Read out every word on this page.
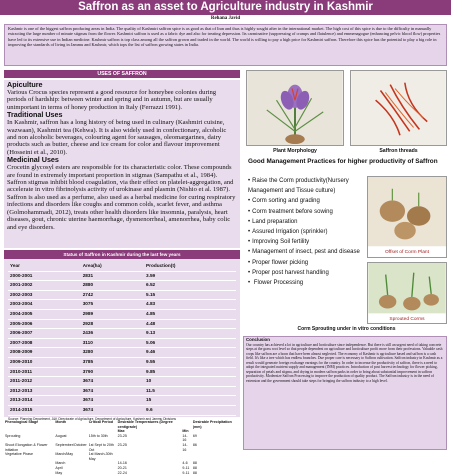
Saffron as an asset to Agriculture industry in Kashmir
Rehana Javid
Kashmir is one of the biggest saffron producing areas in India. The quality of Kashmiri saffron spice is as good as that of Iran and thus is highly sought after in the international market. The high cost of this spice is due to the difficulty in manually extracting the large number of minute stigmas from the flower. Kashmiri saffron is used as a fabric dye and also for treating depression. Its carminative (suppressing of cramps and flatulence) and emmenagogue (enhancing pelvic blood flow) properties have led to its extensive use in Indian medicine. Kashmir saffron is top class among all the saffron grown and traded in the world. The world is willing to pay a high price for Kashmiri saffron. Therefore this spice has the potential to play a big role in improving the standards of living in Jammu and Kashmir, which tops the list of saffron growing states in India.
USES OF SAFFRON
Apiculture

Various Crocus species represent a good resource for honeybee colonies during periods of hardship: between winter and spring and in autumn, but are usually unimportant in terms of honey production in Italy (Ferrazzi 1991).

Traditional Uses

In Kashmir, saffron has a long history of being used in culinary (Kashmiri cuisine, wazwaan), Kashmiri tea (Kehwa). It is also widely used in confectionary, alcoholic and non alcoholic beverages, colouring agent for sausages, oleomargarines, dairy products such as butter, cheese and ice cream for color and flavour improvement (Hosseini et al., 2010).

Medicinal Uses

Crocetin glycosyl esters are responsible for its characteristic color. These compounds are found in extremely important proportion in stigmas (Sampathu et al., 1984). Saffron stigmas inhibit blood coagulation, via their effect on platelet-aggregation, and accelerate in vitro fibrinolysis activity of urokinase and plasmin (Nishio et al. 1987). Saffron is also used as a perfume, also used as a herbal medicine for curing respiratory infections and disorders like coughs and common colds, scarlet fever, and asthma (Golmohammadi, 2012), treats other health disorders like insomnia, paralysis, heart diseases, gout, chronic uterine haemorrhage, dysmenorrheal, amenorrhea, baby colic and eye disorders.

Status of Saffron in Kashmir during the last few years
Year	Area(ha)	Production(t)
2000-2001	2831	3.59
2001-2002	2880	6.52
2002-2003	2742	5.15
2003-2004	3075	4.83
2004-2005	2989	4.85
2005-2006	2928	4.48
2006-2007	2436	9.13
2007-2008	3110	5.06
2008-2009	3280	9.46
2009-2010	3785	9.55
2010-2011	3790	9.85
2011-2012	3674	10
2012-2013	3674	11.5
2013-2014	3674	15
2014-2015	3674	9.6
Source: Planning Department, J&K Directorate of Agriculture, Department of Agriculture, Kashmir and Jammu Divisions
Phenological Stage	Month	Critical Period	Desirable Temperatures (Degree centigrade)		Desirable Precipitation (mm)
			Max	Min	
Sprouting	August	15th to 30th	23-25	14-16	69
Shoot Elongation & Flower initiation	September/October	1st Sept to 20th Oct	23-25	14-16	86
Vegetative Phase	March/May	1st March-30th May			
	March		14-16	4-6	88
	April		20-21	9-11	88
	May		22-24	9-11	88
Plant Morphology	Saffron threads
Good Management Practices for higher productivity of Saffron
• Raise the Corm productivity(Nursery Management and Tissue culture)
• Corm sorting and grading
• Corm treatment before sowing
• Land preparation
• Assured Irrigation (sprinkler)
• Improving Soil fertility
• Management of insect, pest and disease
• Proper flower picking
• Proper post harvest handling
• Flower Processing
Offset of Corm Plant
Sprouted Corms
Corm Sprouting under in vitro conditions
Conclusion
Our country has achieved a lot in agriculture and horticulture since independence. But there is still an urgent need of taking concrete steps at the grass root level so that people dependent on agriculture and horticulture profit more from their professions. Valuable cash crops like saffron are a boon that have been almost neglected. The economy of Kashmir is agriculture based and saffron is a cash field. It's like a tree which has endless branches. Due proper care is necessary to Saffron cultivation. Saffron industry in Kashmir as a result would generate foreign exchange earnings for the country. In order to increase the productivity of saffron, there is a need to adopt the integrated nutrient supply and management (INM) practices. Introduction of post harvest technology for flower picking, separation of petals and stigma, and drying in modern saffron parks in order to bring about substantial improvement in saffron productivity. Modernize Saffron Processing to improve the production of quality product. The Saffron industry is in the need of extension and the government should take steps for bringing the saffron industry to a high level.
